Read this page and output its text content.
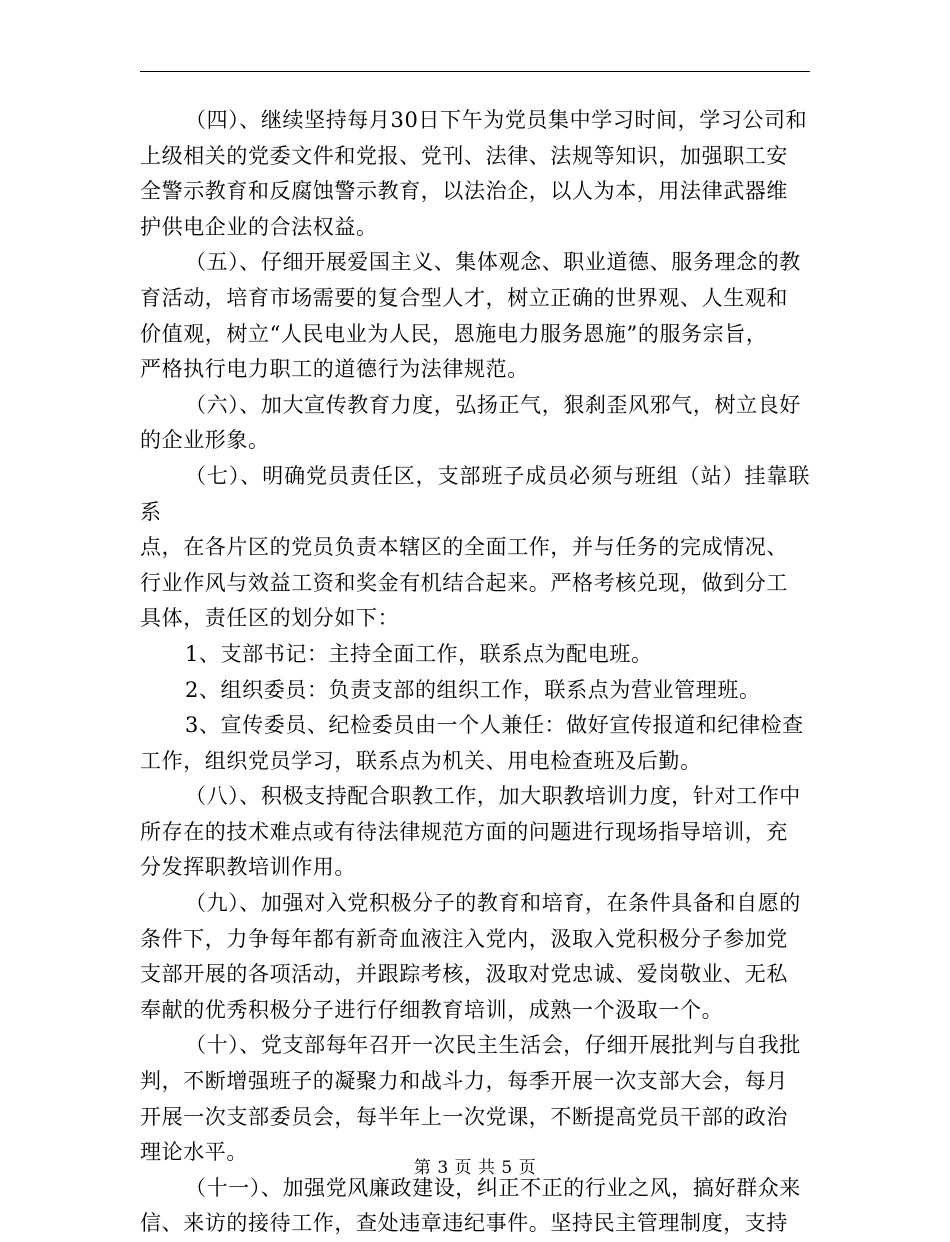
（四）、继续坚持每月30日下午为党员集中学习时间，学习公司和
上级相关的党委文件和党报、党刊、法律、法规等知识，加强职工安
全警示教育和反腐蚀警示教育，以法治企，以人为本，用法律武器维
护供电企业的合法权益。

（五）、仔细开展爱国主义、集体观念、职业道德、服务理念的教
育活动，培育市场需要的复合型人才，树立正确的世界观、人生观和
价值观，树立“人民电业为人民，恩施电力服务恩施”的服务宗旨，
严格执行电力职工的道德行为法律规范。

（六）、加大宣传教育力度，弘扬正气，狠刹歪风邪气，树立良好
的企业形象。

（七）、明确党员责任区，支部班子成员必须与班组（站）挂靠联系
点，在各片区的党员负责本辖区的全面工作，并与任务的完成情况、
行业作风与效益工资和奖金有机结合起来。严格考核兑现，做到分工
具体，责任区的划分如下：

1、支部书记：主持全面工作，联系点为配电班。

2、组织委员：负责支部的组织工作，联系点为营业管理班。

3、宣传委员、纪检委员由一个人兼任：做好宣传报道和纪律检查
工作，组织党员学习，联系点为机关、用电检查班及后勤。

（八）、积极支持配合职教工作，加大职教培训力度，针对工作中
所存在的技术难点或有待法律规范方面的问题进行现场指导培训，充
分发挥职教培训作用。

（九）、加强对入党积极分子的教育和培育，在条件具备和自愿的
条件下，力争每年都有新奇血液注入党内，汲取入党积极分子参加党
支部开展的各项活动，并跟踪考核，汲取对党忠诚、爱岗敬业、无私
奉献的优秀积极分子进行仔细教育培训，成熟一个汲取一个。

（十）、党支部每年召开一次民主生活会，仔细开展批判与自我批
判，不断增强班子的凝聚力和战斗力，每季开展一次支部大会，每月
开展一次支部委员会，每半年上一次党课，不断提高党员干部的政治
理论水平。

（十一）、加强党风廉政建设，纠正不正的行业之风，搞好群众来
信、来访的接待工作，查处违章违纪事件。坚持民主管理制度，支持

第 3 页 共 5 页
